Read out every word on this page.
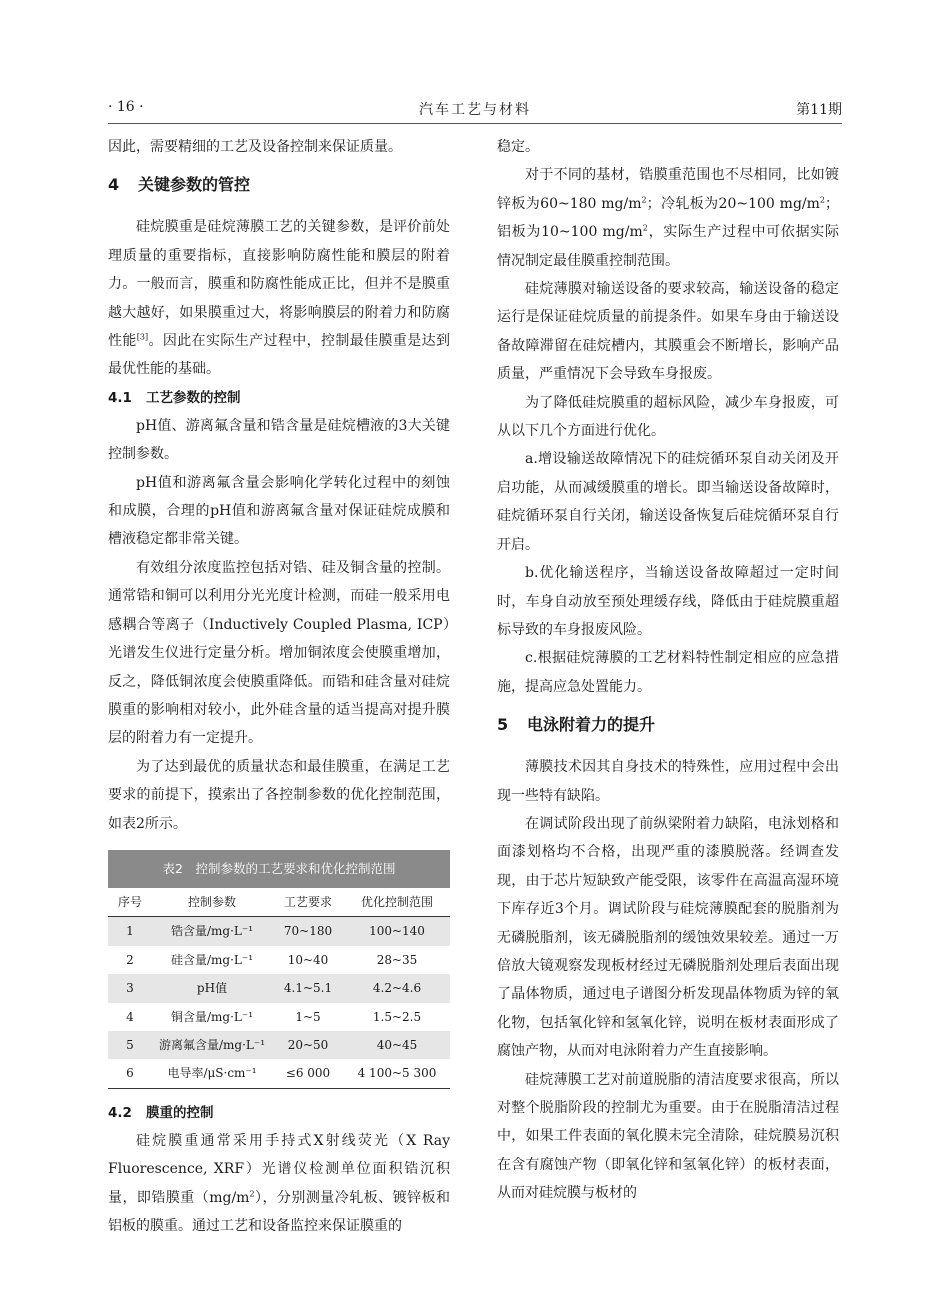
· 16 ·	汽车工艺与材料	第11期

因此，需要精细的工艺及设备控制来保证质量。

4 关键参数的管控

硅烷膜重是硅烷薄膜工艺的关键参数，是评价前处理质量的重要指标，直接影响防腐性能和膜层的附着力。一般而言，膜重和防腐性能成正比，但并不是膜重越大越好，如果膜重过大，将影响膜层的附着力和防腐性能[3]。因此在实际生产过程中，控制最佳膜重是达到最优性能的基础。

4.1 工艺参数的控制

pH值、游离氟含量和锆含量是硅烷槽液的3大关键控制参数。

pH值和游离氟含量会影响化学转化过程中的刻蚀和成膜，合理的pH值和游离氟含量对保证硅烷成膜和槽液稳定都非常关键。

有效组分浓度监控包括对锆、硅及铜含量的控制。通常锆和铜可以利用分光光度计检测，而硅一般采用电感耦合等离子（Inductively Coupled Plasma, ICP）光谱发生仪进行定量分析。增加铜浓度会使膜重增加，反之，降低铜浓度会使膜重降低。而锆和硅含量对硅烷膜重的影响相对较小，此外硅含量的适当提高对提升膜层的附着力有一定提升。

为了达到最优的质量状态和最佳膜重，在满足工艺要求的前提下，摸索出了各控制参数的优化控制范围，如表2所示。

表2　控制参数的工艺要求和优化控制范围
序号	控制参数	工艺要求	优化控制范围
1	锆含量/mg·L⁻¹	70~180	100~140
2	硅含量/mg·L⁻¹	10~40	28~35
3	pH值	4.1~5.1	4.2~4.6
4	铜含量/mg·L⁻¹	1~5	1.5~2.5
5	游离氟含量/mg·L⁻¹	20~50	40~45
6	电导率/μS·cm⁻¹	≤6 000	4 100~5 300
4.2 膜重的控制

硅烷膜重通常采用手持式X射线荧光（X Ray Fluorescence, XRF）光谱仪检测单位面积锆沉积量，即锆膜重$(mg/m^2)$，分别测量冷轧板、镀锌板和铝板的膜重。通过工艺和设备监控来保证膜重的

稳定。

对于不同的基材，锆膜重范围也不尽相同，比如镀锌板为60~180 $mg/m^2$；冷轧板为20~100 $mg/m^2$；铝板为10~100 $mg/m^2$，实际生产过程中可依据实际情况制定最佳膜重控制范围。

硅烷薄膜对输送设备的要求较高，输送设备的稳定运行是保证硅烷质量的前提条件。如果车身由于输送设备故障滞留在硅烷槽内，其膜重会不断增长，影响产品质量，严重情况下会导致车身报废。

为了降低硅烷膜重的超标风险，减少车身报废，可从以下几个方面进行优化。

a.增设输送故障情况下的硅烷循环泵自动关闭及开启功能，从而减缓膜重的增长。即当输送设备故障时，硅烷循环泵自行关闭，输送设备恢复后硅烷循环泵自行开启。

b.优化输送程序，当输送设备故障超过一定时间时，车身自动放至预处理缓存线，降低由于硅烷膜重超标导致的车身报废风险。

c.根据硅烷薄膜的工艺材料特性制定相应的应急措施，提高应急处置能力。

5 电泳附着力的提升

薄膜技术因其自身技术的特殊性，应用过程中会出现一些特有缺陷。

在调试阶段出现了前纵梁附着力缺陷，电泳划格和面漆划格均不合格，出现严重的漆膜脱落。经调查发现，由于芯片短缺致产能受限，该零件在高温高湿环境下库存近3个月。调试阶段与硅烷薄膜配套的脱脂剂为无磷脱脂剂，该无磷脱脂剂的缓蚀效果较差。通过一万倍放大镜观察发现板材经过无磷脱脂剂处理后表面出现了晶体物质，通过电子谱图分析发现晶体物质为锌的氧化物，包括氧化锌和氢氧化锌，说明在板材表面形成了腐蚀产物，从而对电泳附着力产生直接影响。

硅烷薄膜工艺对前道脱脂的清洁度要求很高，所以对整个脱脂阶段的控制尤为重要。由于在脱脂清洁过程中，如果工件表面的氧化膜未完全清除，硅烷膜易沉积在含有腐蚀产物（即氧化锌和氢氧化锌）的板材表面，从而对硅烷膜与板材的
